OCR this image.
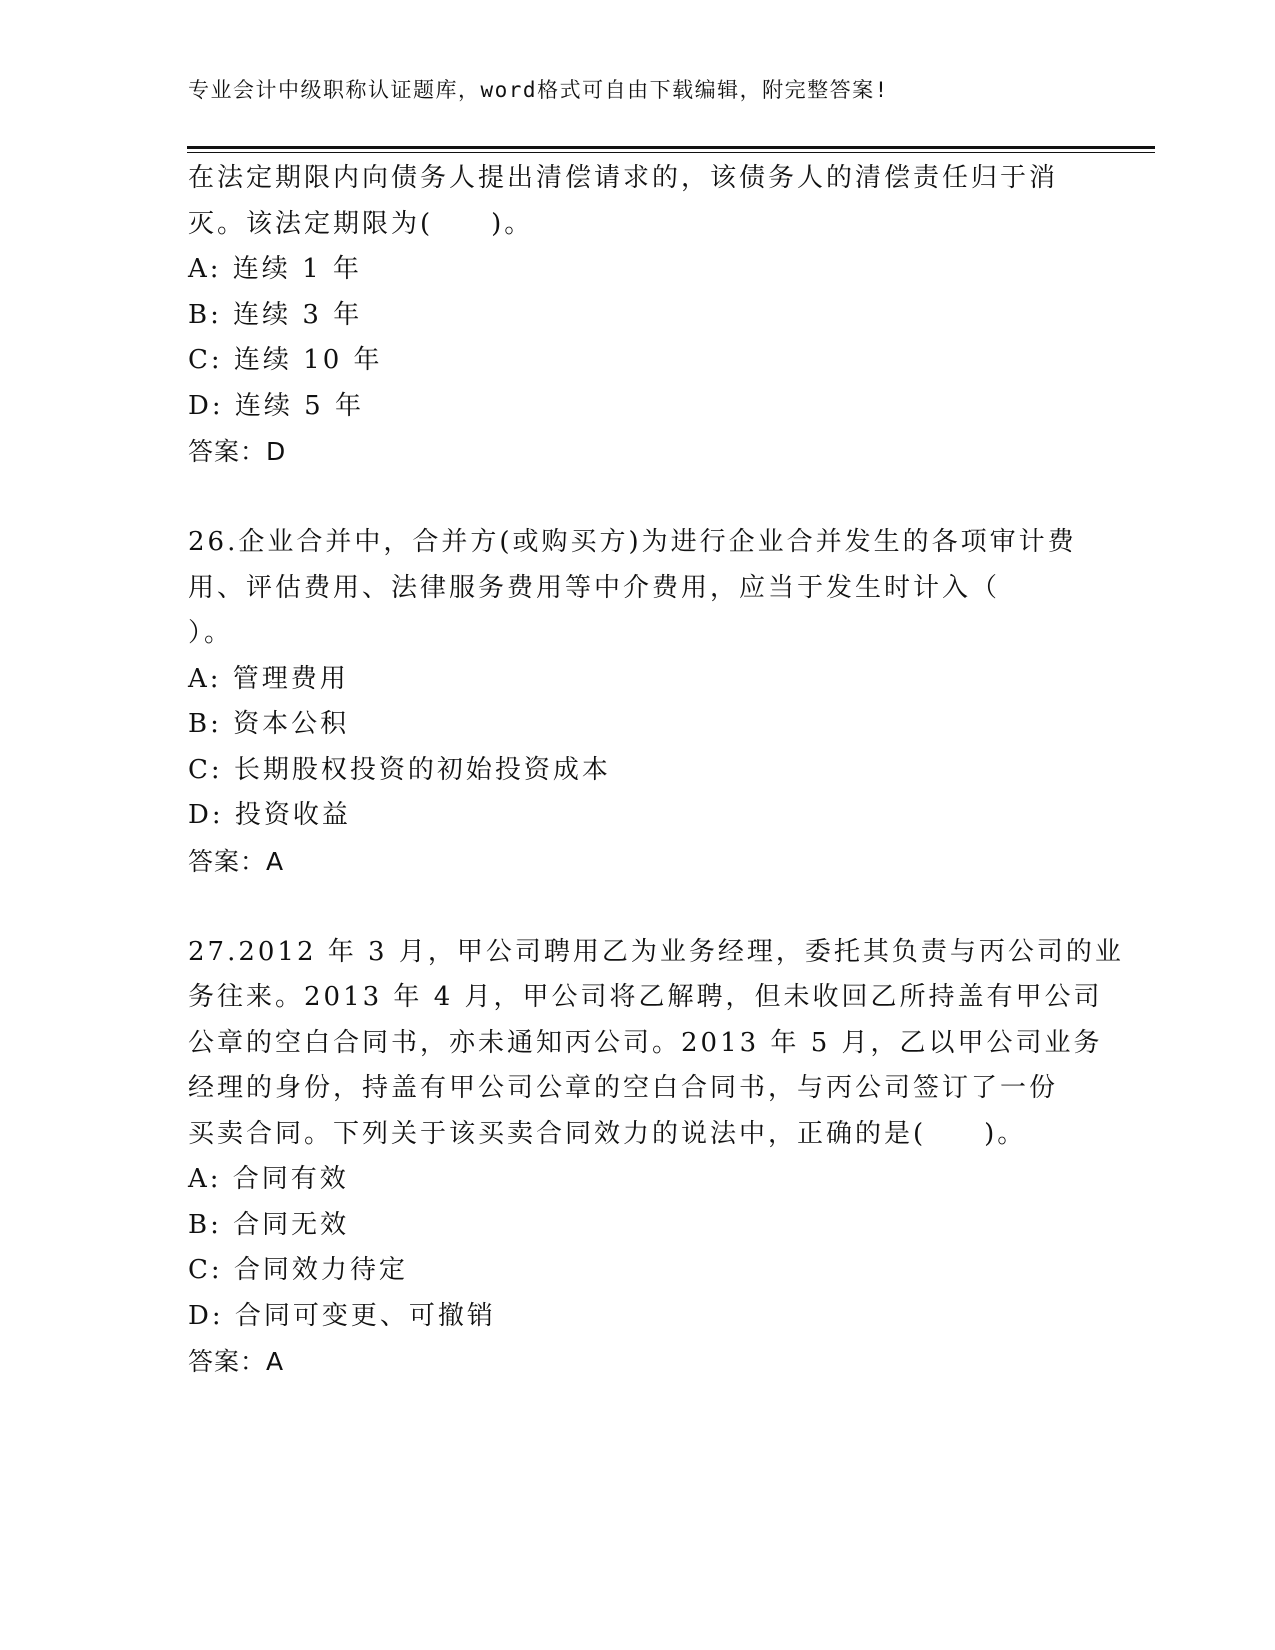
专业会计中级职称认证题库，word格式可自由下载编辑，附完整答案!
在法定期限内向债务人提出清偿请求的，该债务人的清偿责任归于消
灭。该法定期限为(　　)。
A: 连续 1 年
B: 连续 3 年
C: 连续 10 年
D: 连续 5 年
答案：D
26.企业合并中，合并方(或购买方)为进行企业合并发生的各项审计费
用、评估费用、法律服务费用等中介费用，应当于发生时计入（
）。
A: 管理费用
B: 资本公积
C: 长期股权投资的初始投资成本
D: 投资收益
答案：A
27.2012 年 3 月，甲公司聘用乙为业务经理，委托其负责与丙公司的业
务往来。2013 年 4 月，甲公司将乙解聘，但未收回乙所持盖有甲公司
公章的空白合同书，亦未通知丙公司。2013 年 5 月，乙以甲公司业务
经理的身份，持盖有甲公司公章的空白合同书，与丙公司签订了一份
买卖合同。下列关于该买卖合同效力的说法中，正确的是(　　)。
A: 合同有效
B: 合同无效
C: 合同效力待定
D: 合同可变更、可撤销
答案：A
